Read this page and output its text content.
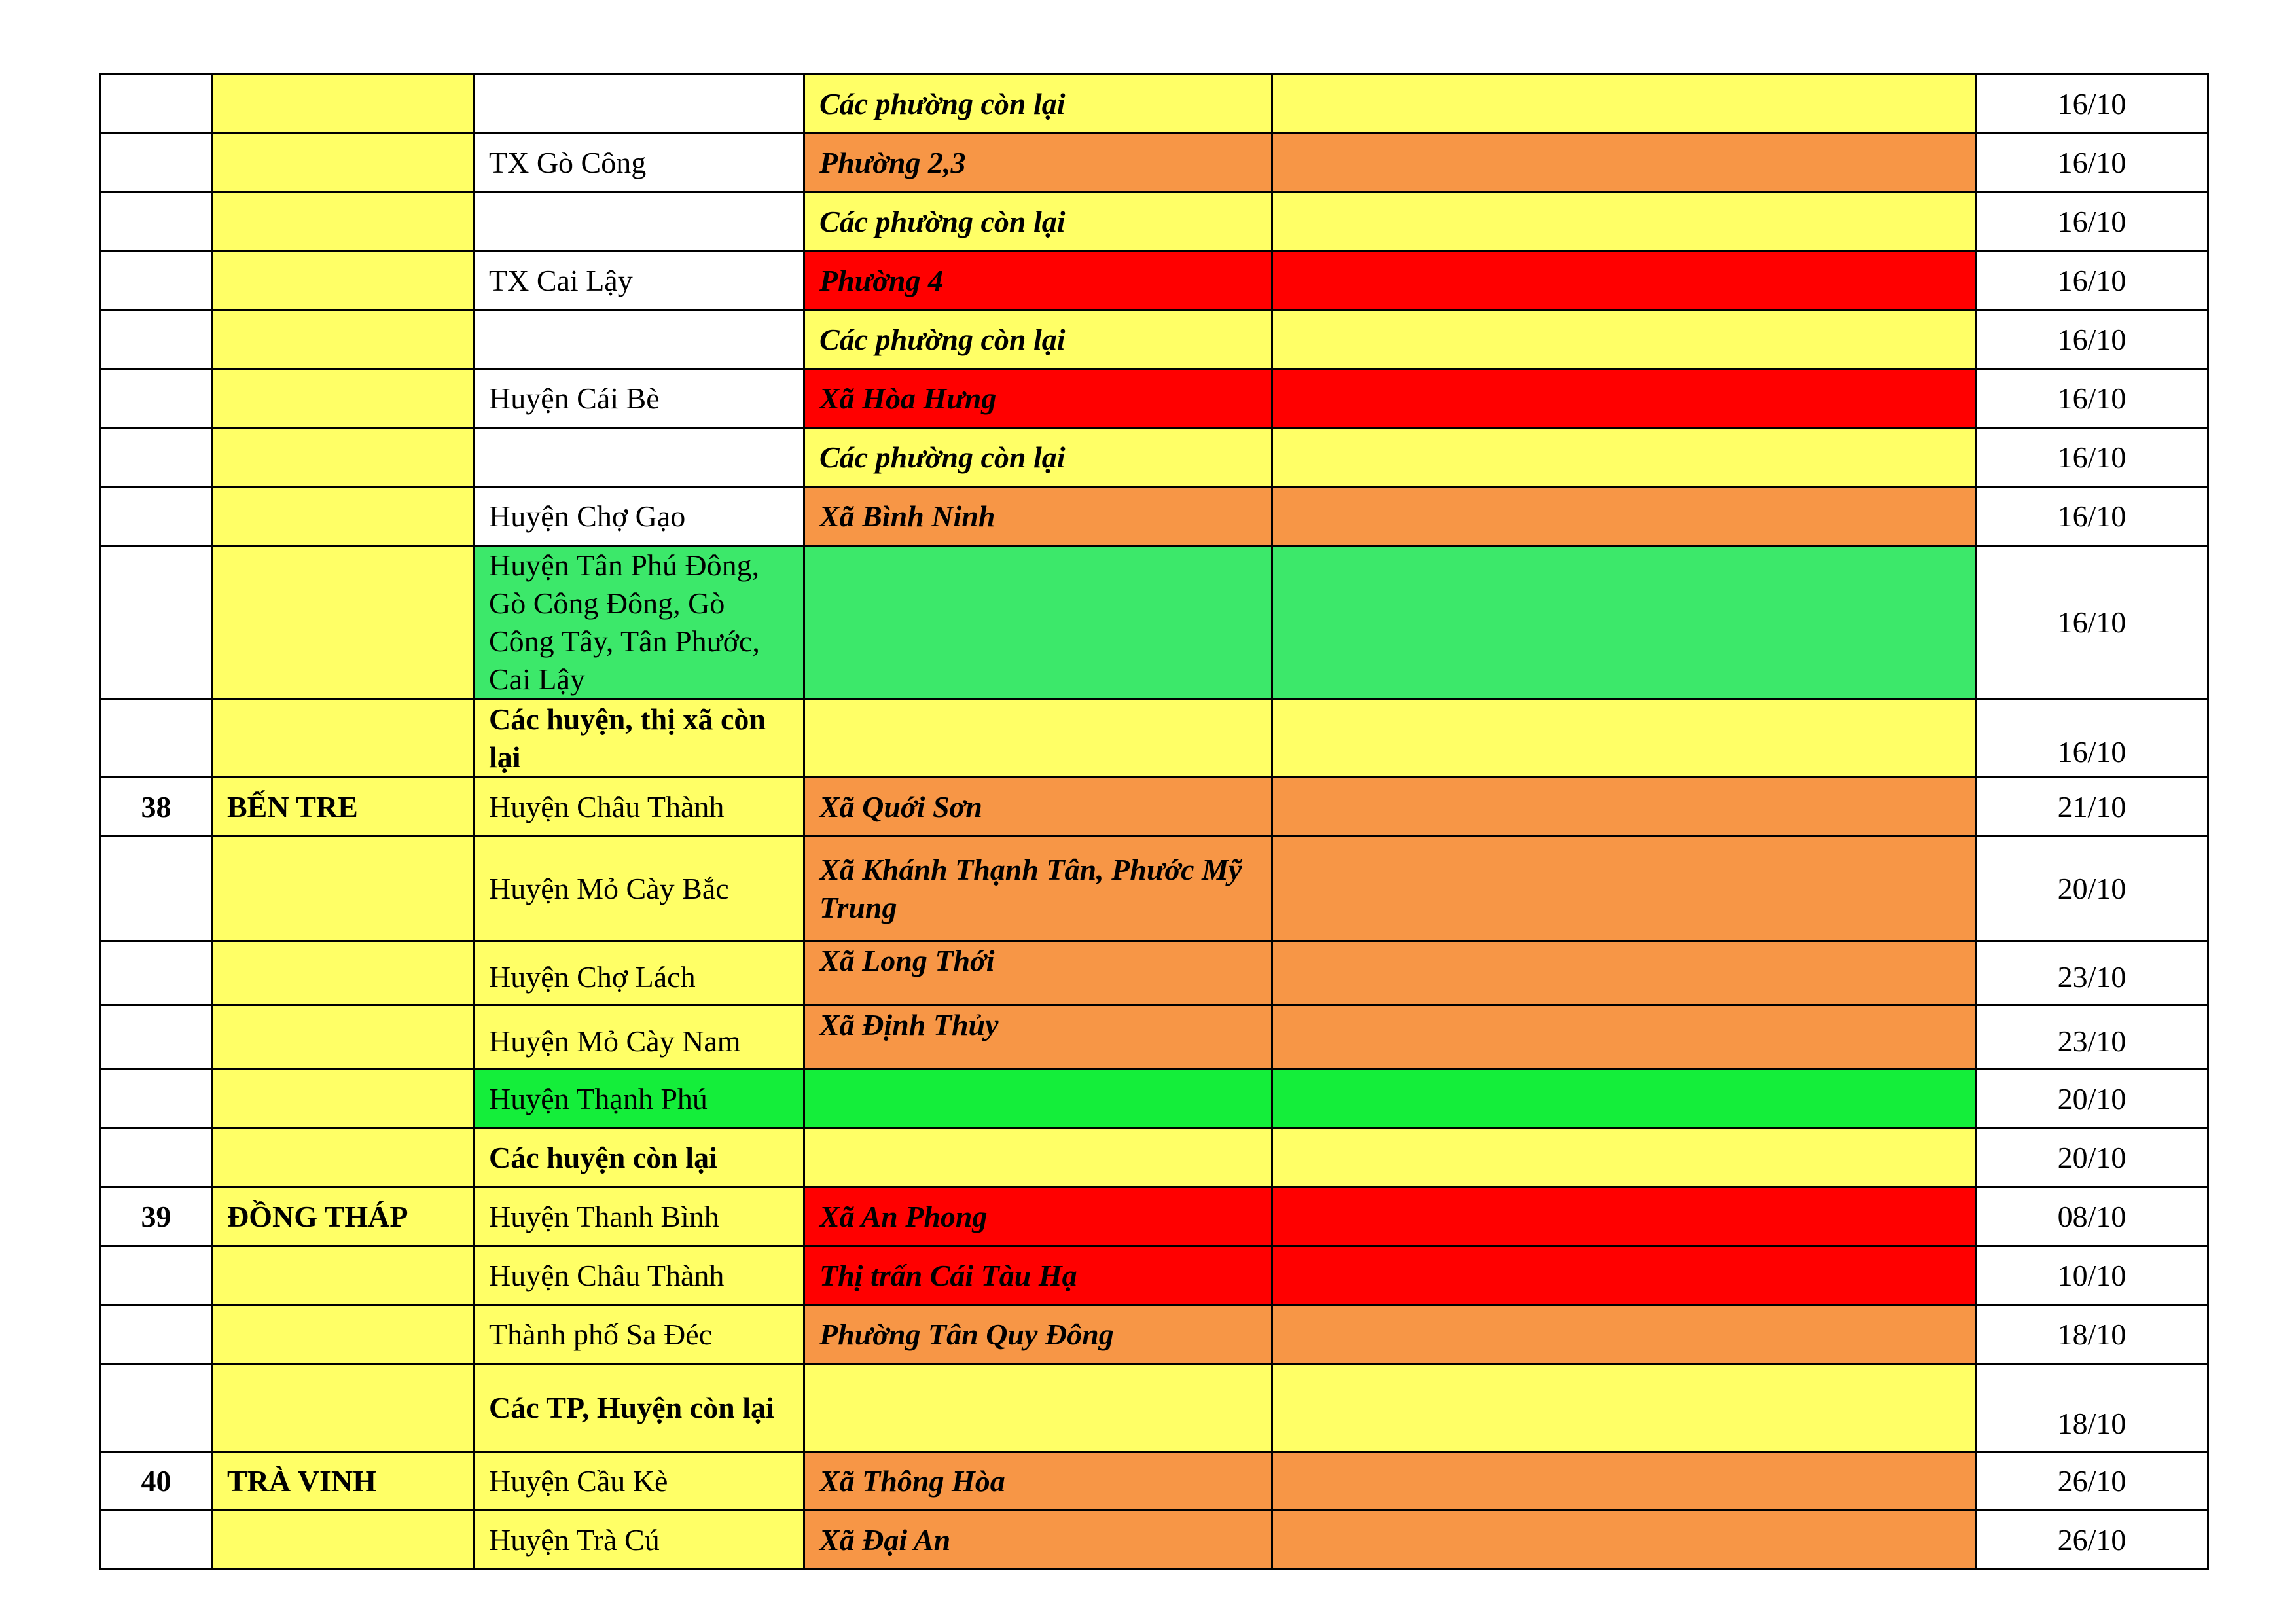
			Các phường còn lại		16/10
		TX Gò Công	Phường 2,3		16/10
			Các phường còn lại		16/10
		TX Cai Lậy	Phường 4		16/10
			Các phường còn lại		16/10
		Huyện Cái Bè	Xã Hòa Hưng		16/10
			Các phường còn lại		16/10
		Huyện Chợ Gạo	Xã Bình Ninh		16/10
		Huyện Tân Phú Đông, Gò Công Đông, Gò Công Tây, Tân Phước, Cai Lậy			16/10
		Các huyện, thị xã còn lại			16/10
38	BẾN TRE	Huyện Châu Thành	Xã Quới Sơn		21/10
		Huyện Mỏ Cày Bắc	Xã Khánh Thạnh Tân, Phước Mỹ Trung		20/10
		Huyện Chợ Lách	Xã Long Thới		23/10
		Huyện Mỏ Cày Nam	Xã Định Thủy		23/10
		Huyện Thạnh Phú			20/10
		Các huyện còn lại			20/10
39	ĐỒNG THÁP	Huyện Thanh Bình	Xã An Phong		08/10
		Huyện Châu Thành	Thị trấn Cái Tàu Hạ		10/10
		Thành phố Sa Đéc	Phường Tân Quy Đông		18/10
		Các TP, Huyện còn lại			18/10
40	TRÀ VINH	Huyện Cầu Kè	Xã Thông Hòa		26/10
		Huyện Trà Cú	Xã Đại An		26/10
